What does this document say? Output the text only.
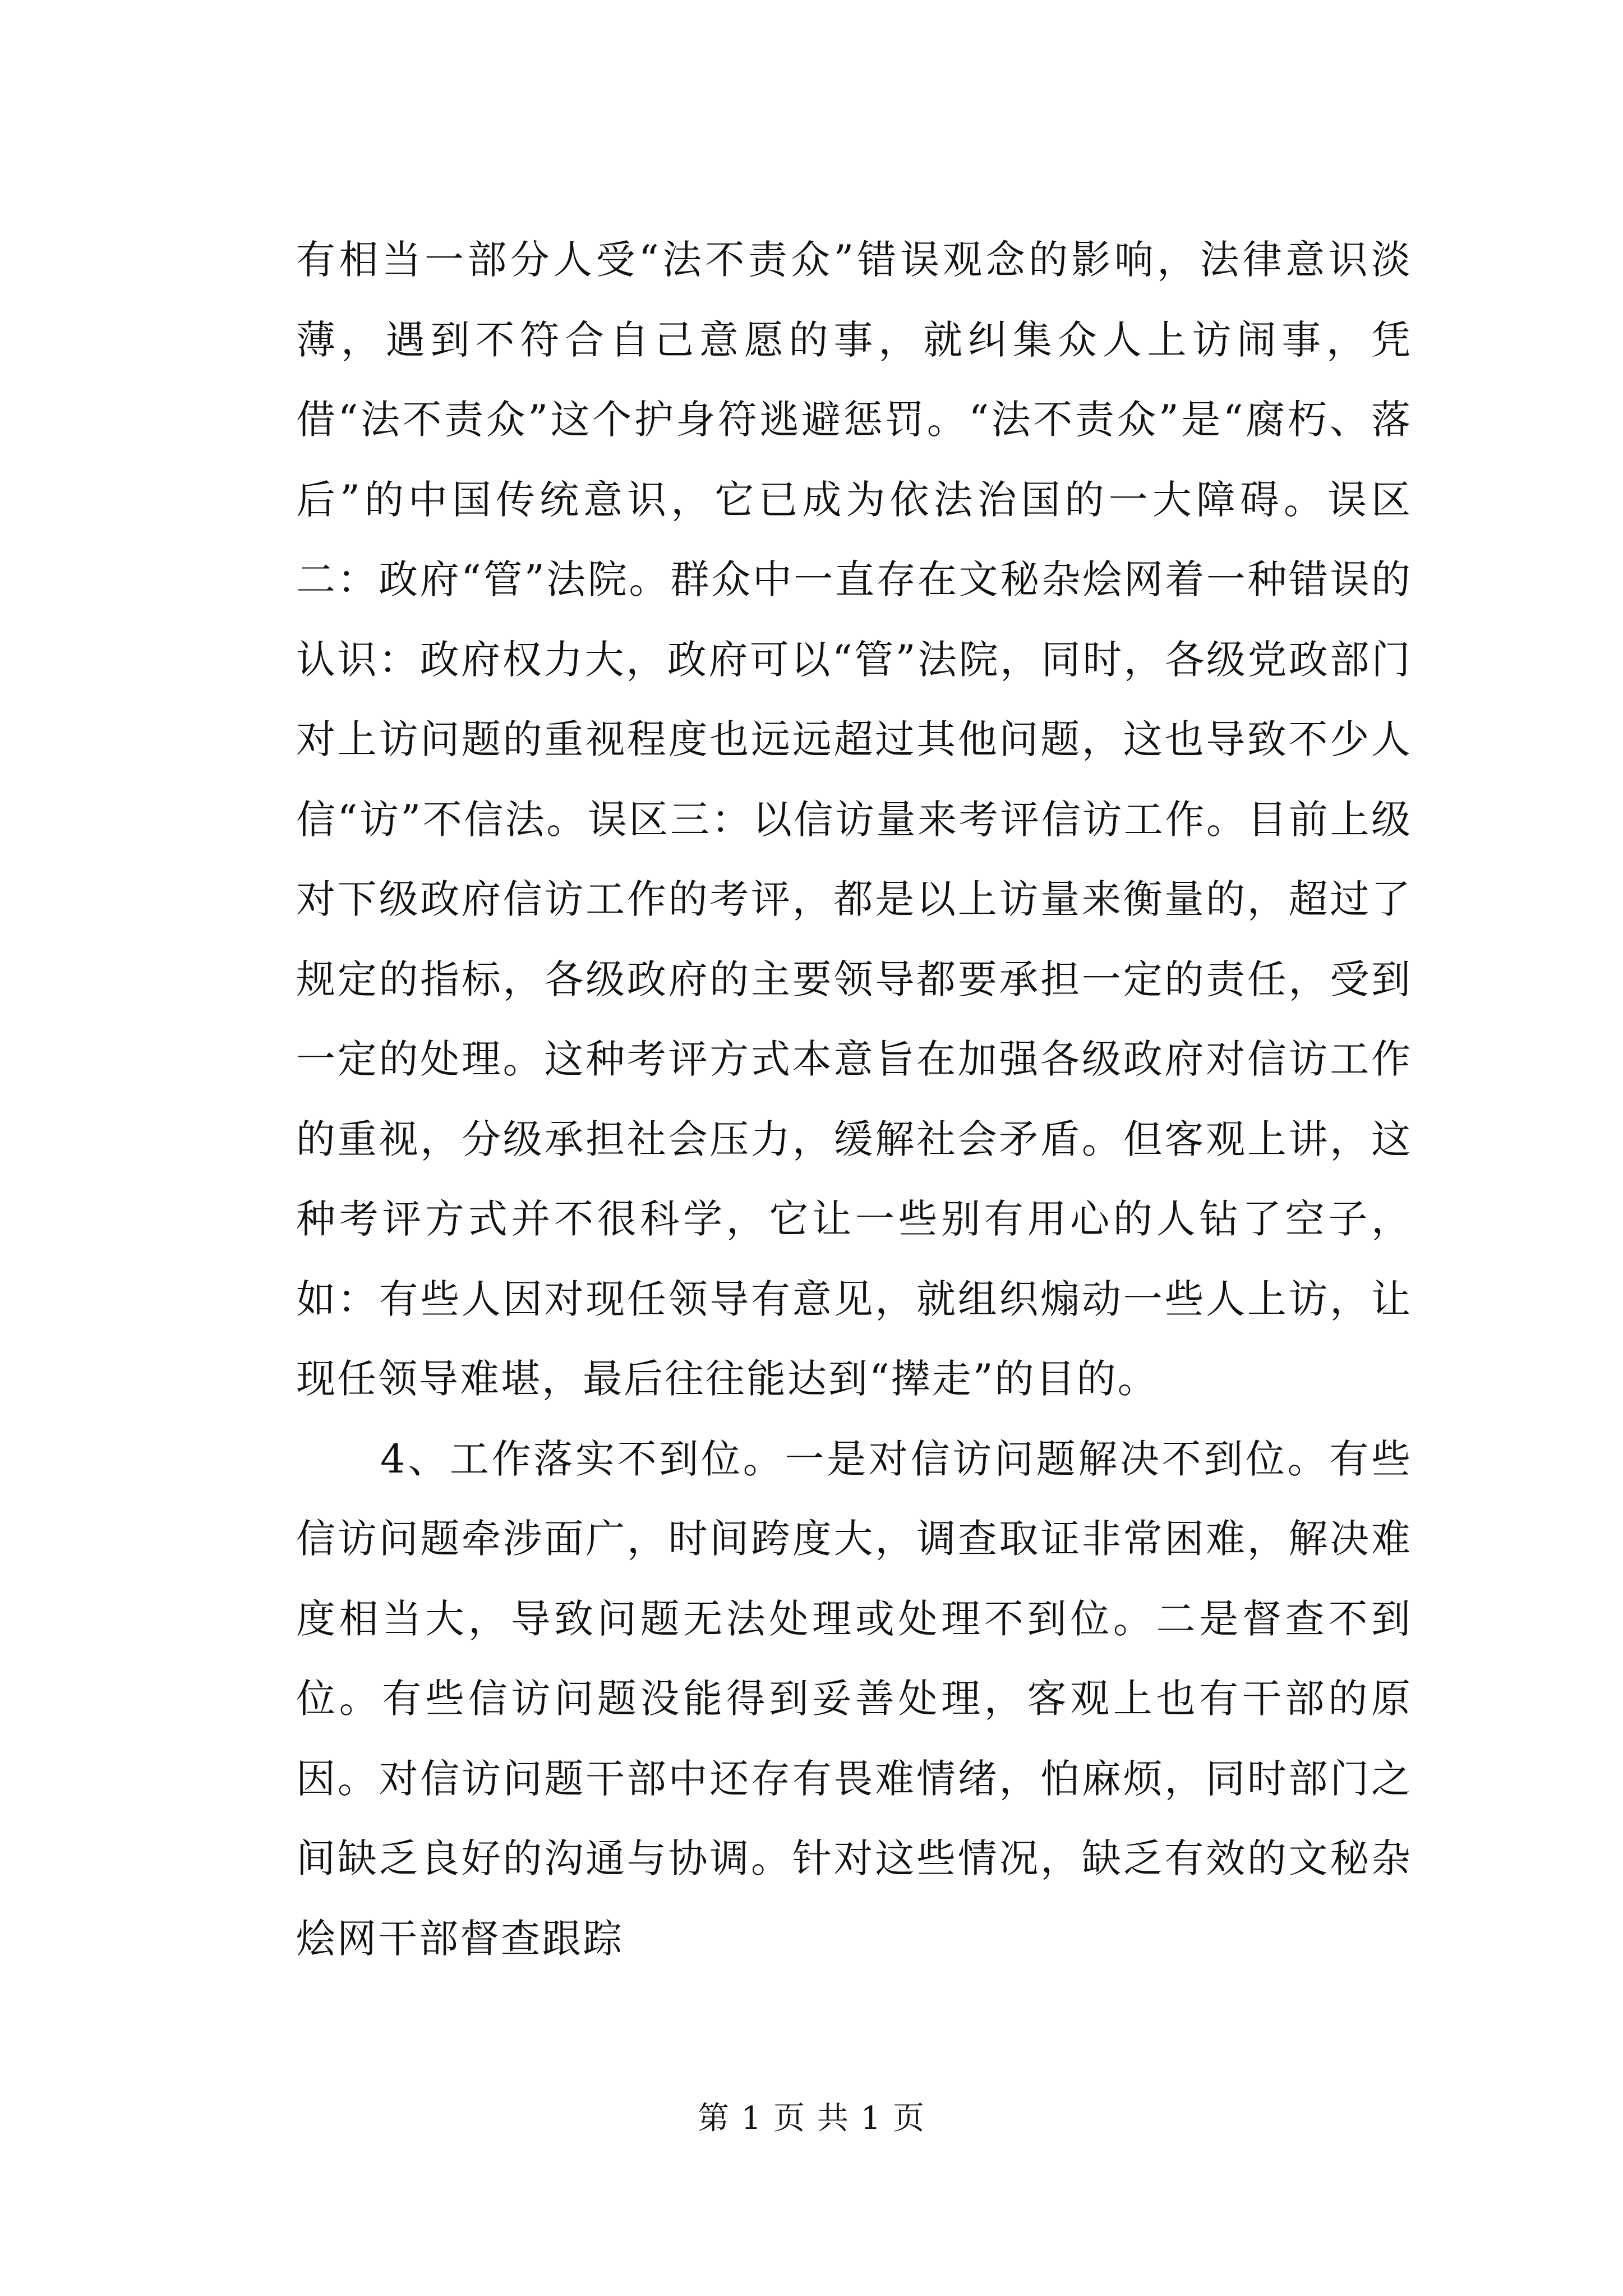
有相当一部分人受“法不责众”错误观念的影响，法律意识淡薄，遇到不符合自己意愿的事，就纠集众人上访闹事，凭借“法不责众”这个护身符逃避惩罚。“法不责众”是“腐朽、落后”的中国传统意识，它已成为依法治国的一大障碍。误区二：政府“管”法院。群众中一直存在文秘杂烩网着一种错误的认识：政府权力大，政府可以“管”法院，同时，各级党政部门对上访问题的重视程度也远远超过其他问题，这也导致不少人信“访”不信法。误区三：以信访量来考评信访工作。目前上级对下级政府信访工作的考评，都是以上访量来衡量的，超过了规定的指标，各级政府的主要领导都要承担一定的责任，受到一定的处理。这种考评方式本意旨在加强各级政府对信访工作的重视，分级承担社会压力，缓解社会矛盾。但客观上讲，这种考评方式并不很科学，它让一些别有用心的人钻了空子，如：有些人因对现任领导有意见，就组织煽动一些人上访，让现任领导难堪，最后往往能达到“撵走”的目的。

4、工作落实不到位。一是对信访问题解决不到位。有些信访问题牵涉面广，时间跨度大，调查取证非常困难，解决难度相当大，导致问题无法处理或处理不到位。二是督查不到位。有些信访问题没能得到妥善处理，客观上也有干部的原因。对信访问题干部中还存有畏难情绪，怕麻烦，同时部门之间缺乏良好的沟通与协调。针对这些情况，缺乏有效的文秘杂烩网干部督查跟踪

第 1 页 共 1 页
